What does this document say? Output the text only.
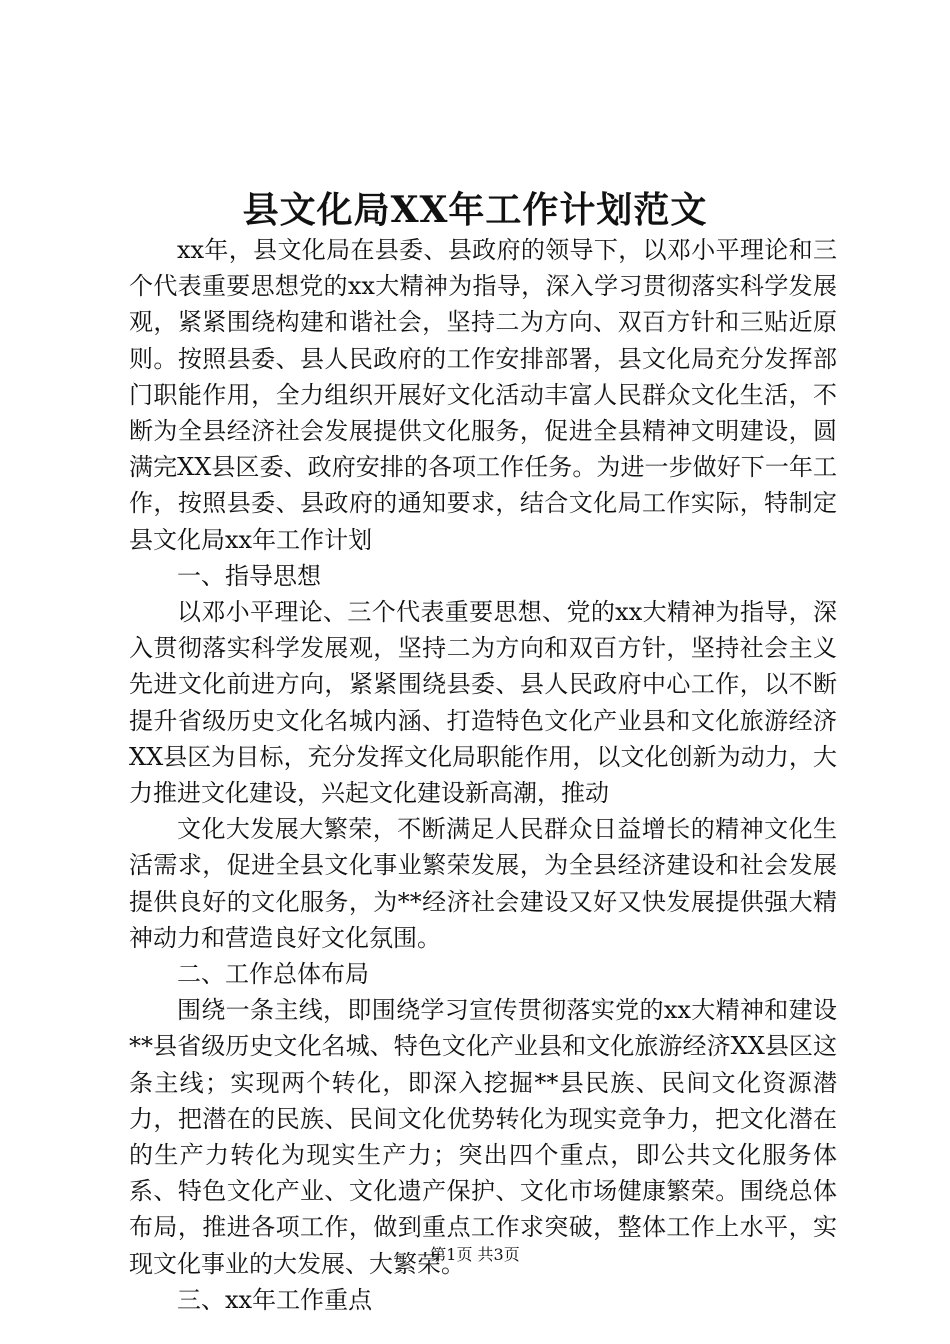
县文化局XX年工作计划范文

xx年，县文化局在县委、县政府的领导下，以邓小平理论和三个代表重要思想党的xx大精神为指导，深入学习贯彻落实科学发展观，紧紧围绕构建和谐社会，坚持二为方向、双百方针和三贴近原则。按照县委、县人民政府的工作安排部署，县文化局充分发挥部门职能作用，全力组织开展好文化活动丰富人民群众文化生活，不断为全县经济社会发展提供文化服务，促进全县精神文明建设，圆满完XX县区委、政府安排的各项工作任务。为进一步做好下一年工作，按照县委、县政府的通知要求，结合文化局工作实际，特制定县文化局xx年工作计划

一、指导思想

以邓小平理论、三个代表重要思想、党的xx大精神为指导，深入贯彻落实科学发展观，坚持二为方向和双百方针，坚持社会主义先进文化前进方向，紧紧围绕县委、县人民政府中心工作，以不断提升省级历史文化名城内涵、打造特色文化产业县和文化旅游经济XX县区为目标，充分发挥文化局职能作用，以文化创新为动力，大力推进文化建设，兴起文化建设新高潮，推动

文化大发展大繁荣，不断满足人民群众日益增长的精神文化生活需求，促进全县文化事业繁荣发展，为全县经济建设和社会发展提供良好的文化服务，为**经济社会建设又好又快发展提供强大精神动力和营造良好文化氛围。

二、工作总体布局

围绕一条主线，即围绕学习宣传贯彻落实党的xx大精神和建设**县省级历史文化名城、特色文化产业县和文化旅游经济XX县区这条主线；实现两个转化，即深入挖掘**县民族、民间文化资源潜力，把潜在的民族、民间文化优势转化为现实竞争力，把文化潜在的生产力转化为现实生产力；突出四个重点，即公共文化服务体系、特色文化产业、文化遗产保护、文化市场健康繁荣。围绕总体布局，推进各项工作，做到重点工作求突破，整体工作上水平，实现文化事业的大发展、大繁荣。

三、xx年工作重点

第1页 共3页
